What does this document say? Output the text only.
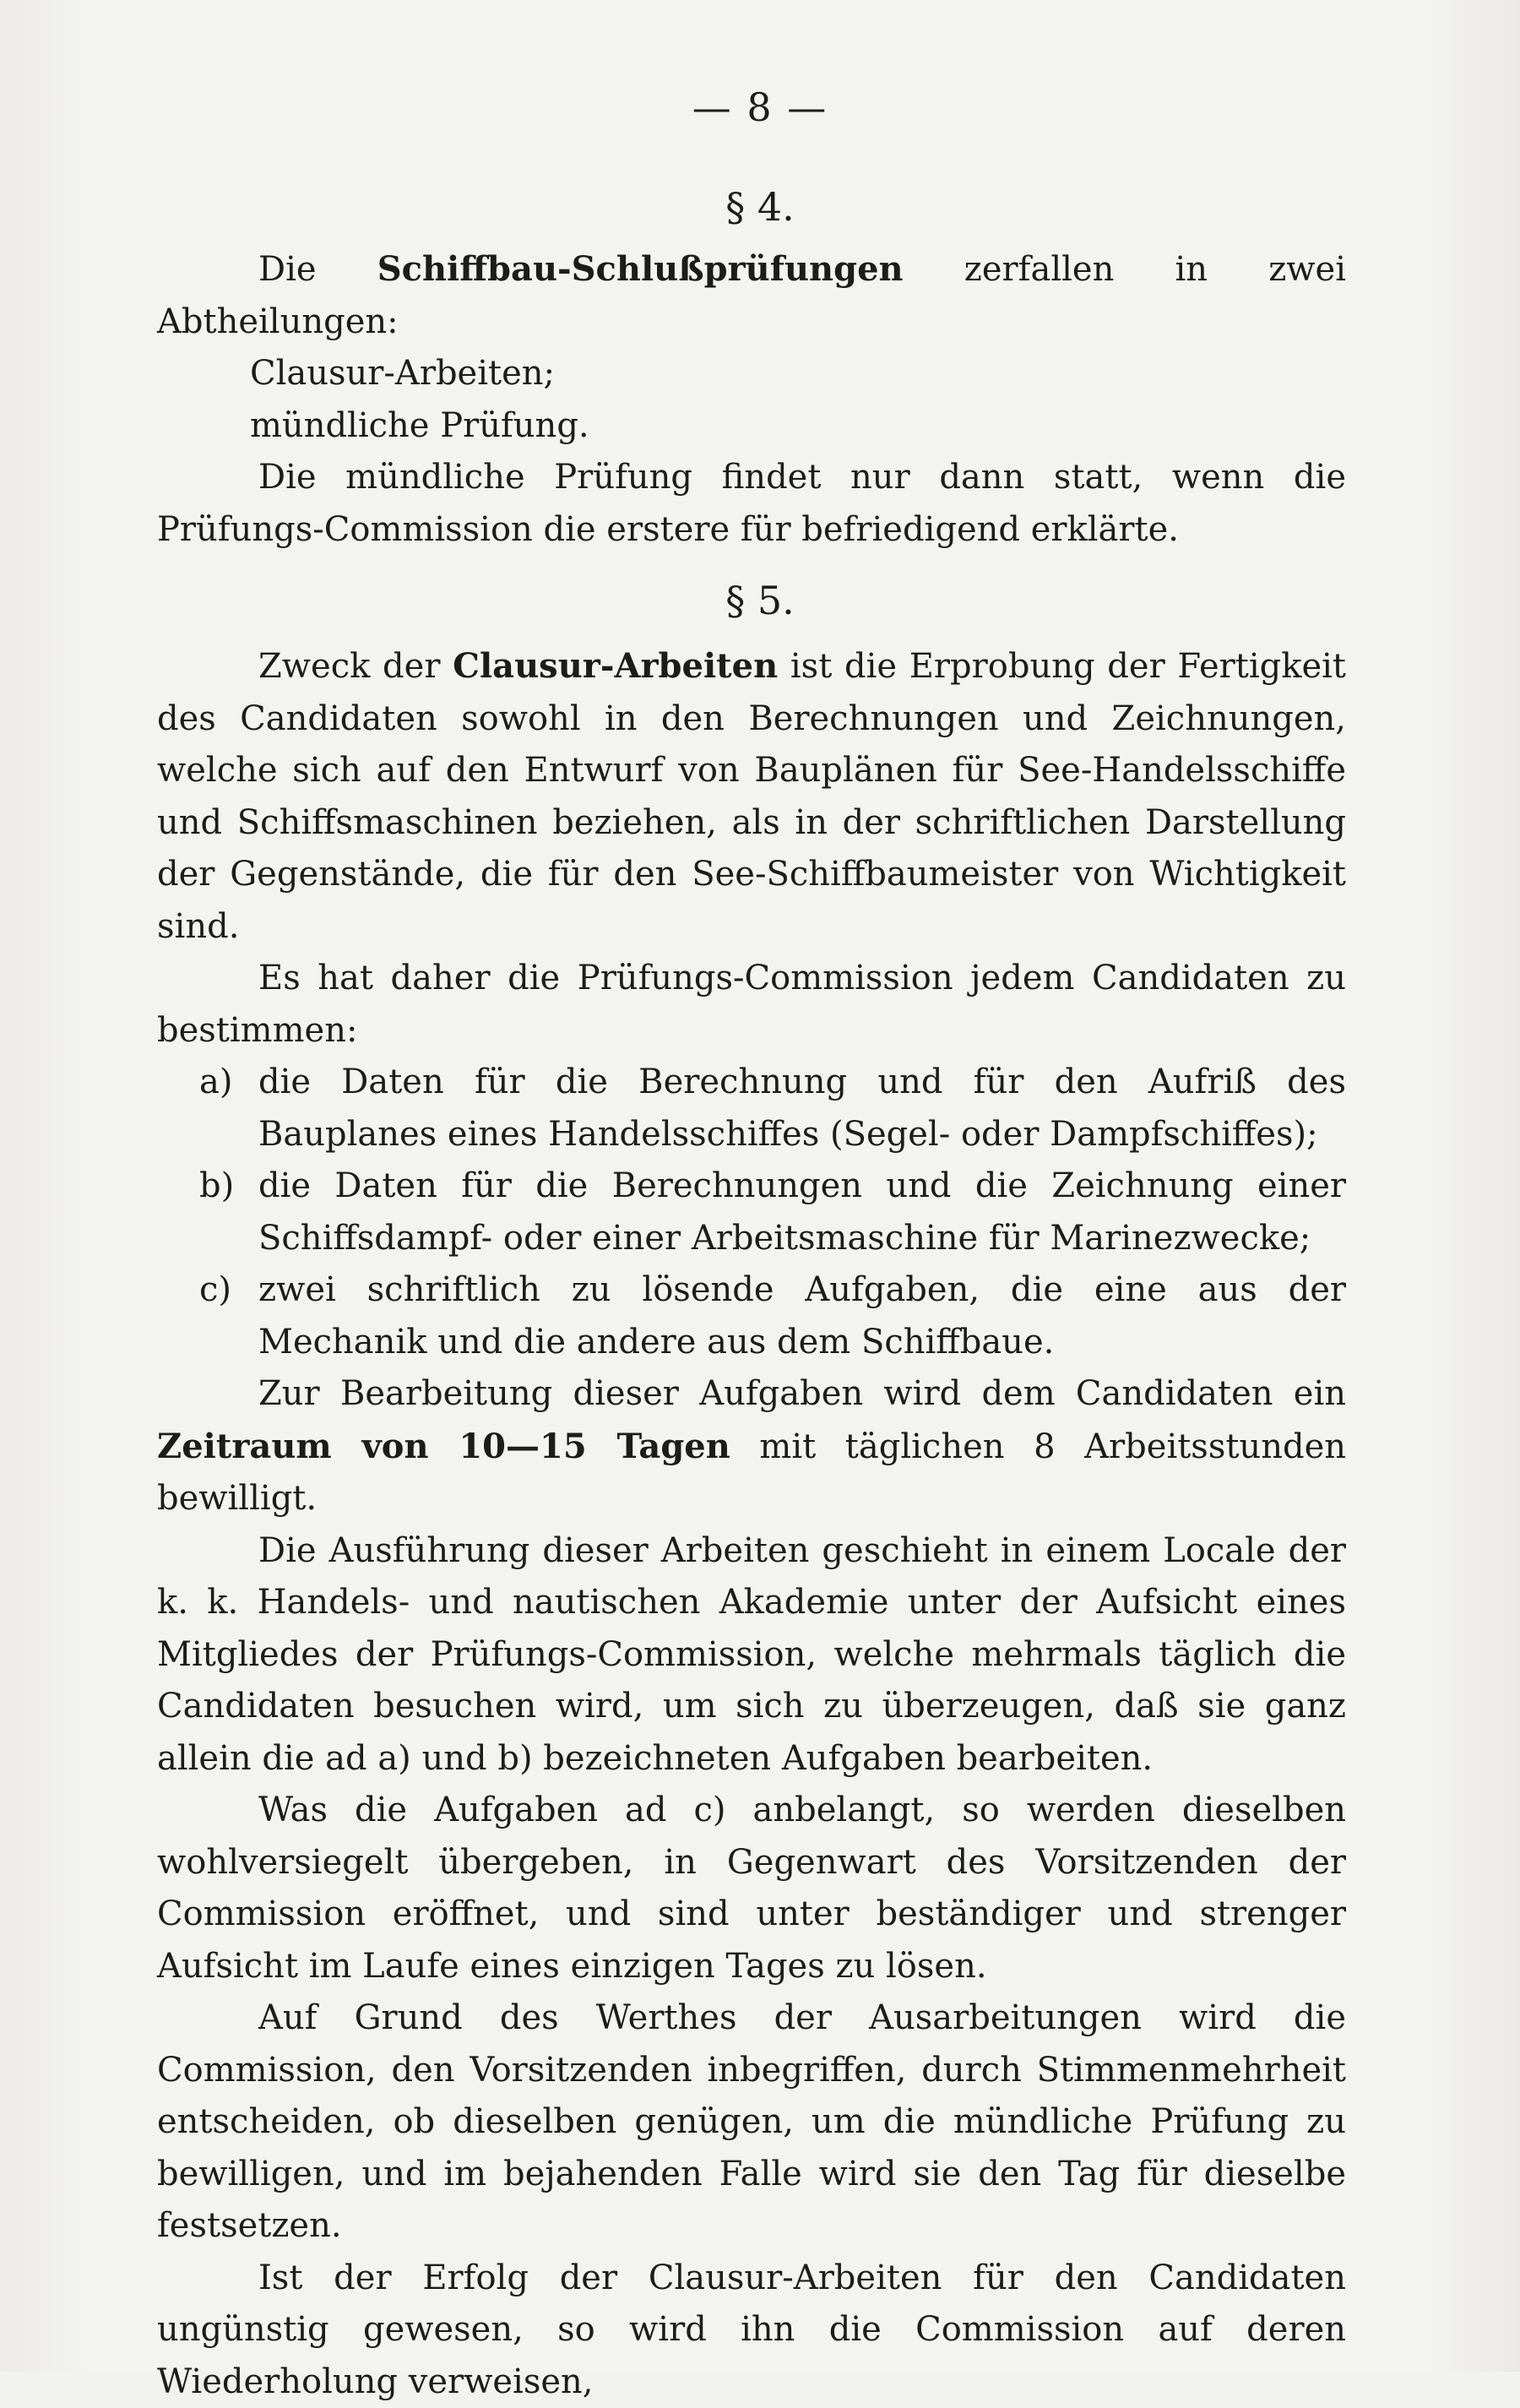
— 8 —
§ 4.

Die Schiffbau-Schlußprüfungen zerfallen in zwei Abtheilungen:

Clausur-Arbeiten;

mündliche Prüfung.

Die mündliche Prüfung findet nur dann statt, wenn die Prüfungs-Commission die erstere für befriedigend erklärte.

§ 5.

Zweck der Clausur-Arbeiten ist die Erprobung der Fertigkeit des Candidaten sowohl in den Berechnungen und Zeichnungen, welche sich auf den Entwurf von Bauplänen für See-Handelsschiffe und Schiffsmaschinen beziehen, als in der schriftlichen Darstellung der Gegenstände, die für den See-Schiffbaumeister von Wichtigkeit sind.

Es hat daher die Prüfungs-Commission jedem Candidaten zu bestimmen:

a) die Daten für die Berechnung und für den Aufriß des Bauplanes eines Handelsschiffes (Segel- oder Dampfschiffes);

b) die Daten für die Berechnungen und die Zeichnung einer Schiffsdampf- oder einer Arbeitsmaschine für Marinezwecke;

c) zwei schriftlich zu lösende Aufgaben, die eine aus der Mechanik und die andere aus dem Schiffbaue.

Zur Bearbeitung dieser Aufgaben wird dem Candidaten ein Zeitraum von 10—15 Tagen mit täglichen 8 Arbeitsstunden bewilligt.

Die Ausführung dieser Arbeiten geschieht in einem Locale der k. k. Handels- und nautischen Akademie unter der Aufsicht eines Mitgliedes der Prüfungs-Commission, welche mehrmals täglich die Candidaten besuchen wird, um sich zu überzeugen, daß sie ganz allein die ad a) und b) bezeichneten Aufgaben bearbeiten.

Was die Aufgaben ad c) anbelangt, so werden dieselben wohlversiegelt übergeben, in Gegenwart des Vorsitzenden der Commission eröffnet, und sind unter beständiger und strenger Aufsicht im Laufe eines einzigen Tages zu lösen.

Auf Grund des Werthes der Ausarbeitungen wird die Commission, den Vorsitzenden inbegriffen, durch Stimmenmehrheit entscheiden, ob dieselben genügen, um die mündliche Prüfung zu bewilligen, und im bejahenden Falle wird sie den Tag für dieselbe festsetzen.

Ist der Erfolg der Clausur-Arbeiten für den Candidaten ungünstig gewesen, so wird ihn die Commission auf deren Wiederholung verweisen,
